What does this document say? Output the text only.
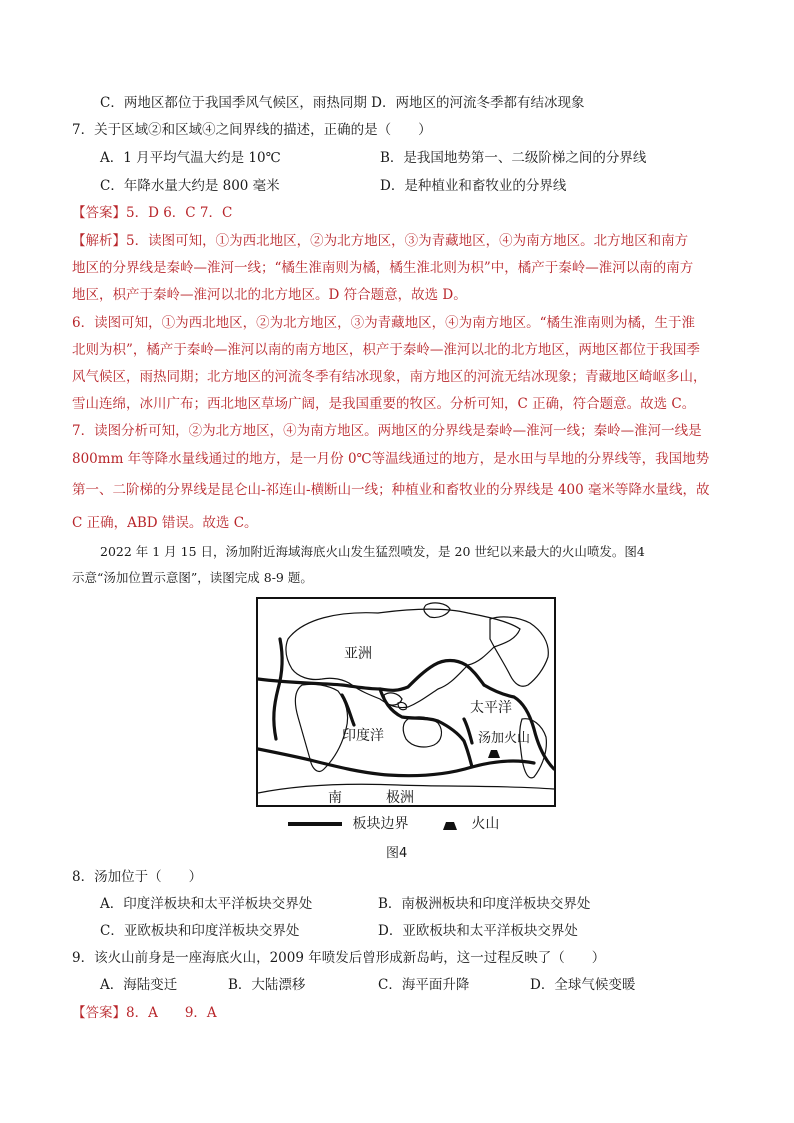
C．两地区都位于我国季风气候区，雨热同期 D．两地区的河流冬季都有结冰现象
7．关于区域②和区域④之间界线的描述，正确的是（　　）
A．1 月平均气温大约是 10℃	B．是我国地势第一、二级阶梯之间的分界线
C．年降水量大约是 800 毫米	D．是种植业和畜牧业的分界线
【答案】5．D 6．C 7．C
【解析】5．读图可知，①为西北地区，②为北方地区，③为青藏地区，④为南方地区。北方地区和南方
地区的分界线是秦岭—淮河一线；“橘生淮南则为橘，橘生淮北则为枳”中，橘产于秦岭—淮河以南的南方
地区，枳产于秦岭—淮河以北的北方地区。D 符合题意，故选 D。
6．读图可知，①为西北地区，②为北方地区，③为青藏地区，④为南方地区。“橘生淮南则为橘，生于淮
北则为枳”，橘产于秦岭—淮河以南的南方地区，枳产于秦岭—淮河以北的北方地区，两地区都位于我国季
风气候区，雨热同期；北方地区的河流冬季有结冰现象，南方地区的河流无结冰现象；青藏地区崎岖多山，
雪山连绵，冰川广布；西北地区草场广阔，是我国重要的牧区。分析可知，C 正确，符合题意。故选 C。
7．读图分析可知，②为北方地区，④为南方地区。两地区的分界线是秦岭—淮河一线；秦岭—淮河一线是
800mm 年等降水量线通过的地方，是一月份 0℃等温线通过的地方，是水田与旱地的分界线等，我国地势
第一、二阶梯的分界线是昆仑山-祁连山-横断山一线；种植业和畜牧业的分界线是 400 毫米等降水量线，故
C 正确，ABD 错误。故选 C。
2022 年 1 月 15 日，汤加附近海域海底火山发生猛烈喷发，是 20 世纪以来最大的火山喷发。图4
示意“汤加位置示意图”，读图完成 8-9 题。
亚洲
太平洋
印度洋	汤加火山
南	极洲
板块边界	火山
图4
8．汤加位于（　　）
A．印度洋板块和太平洋板块交界处	B．南极洲板块和印度洋板块交界处
C．亚欧板块和印度洋板块交界处	D．亚欧板块和太平洋板块交界处
9．该火山前身是一座海底火山，2009 年喷发后曾形成新岛屿，这一过程反映了（　　）
A．海陆变迁	B．大陆漂移	C．海平面升降	D．全球气候变暖
【答案】8．A　　9．A
